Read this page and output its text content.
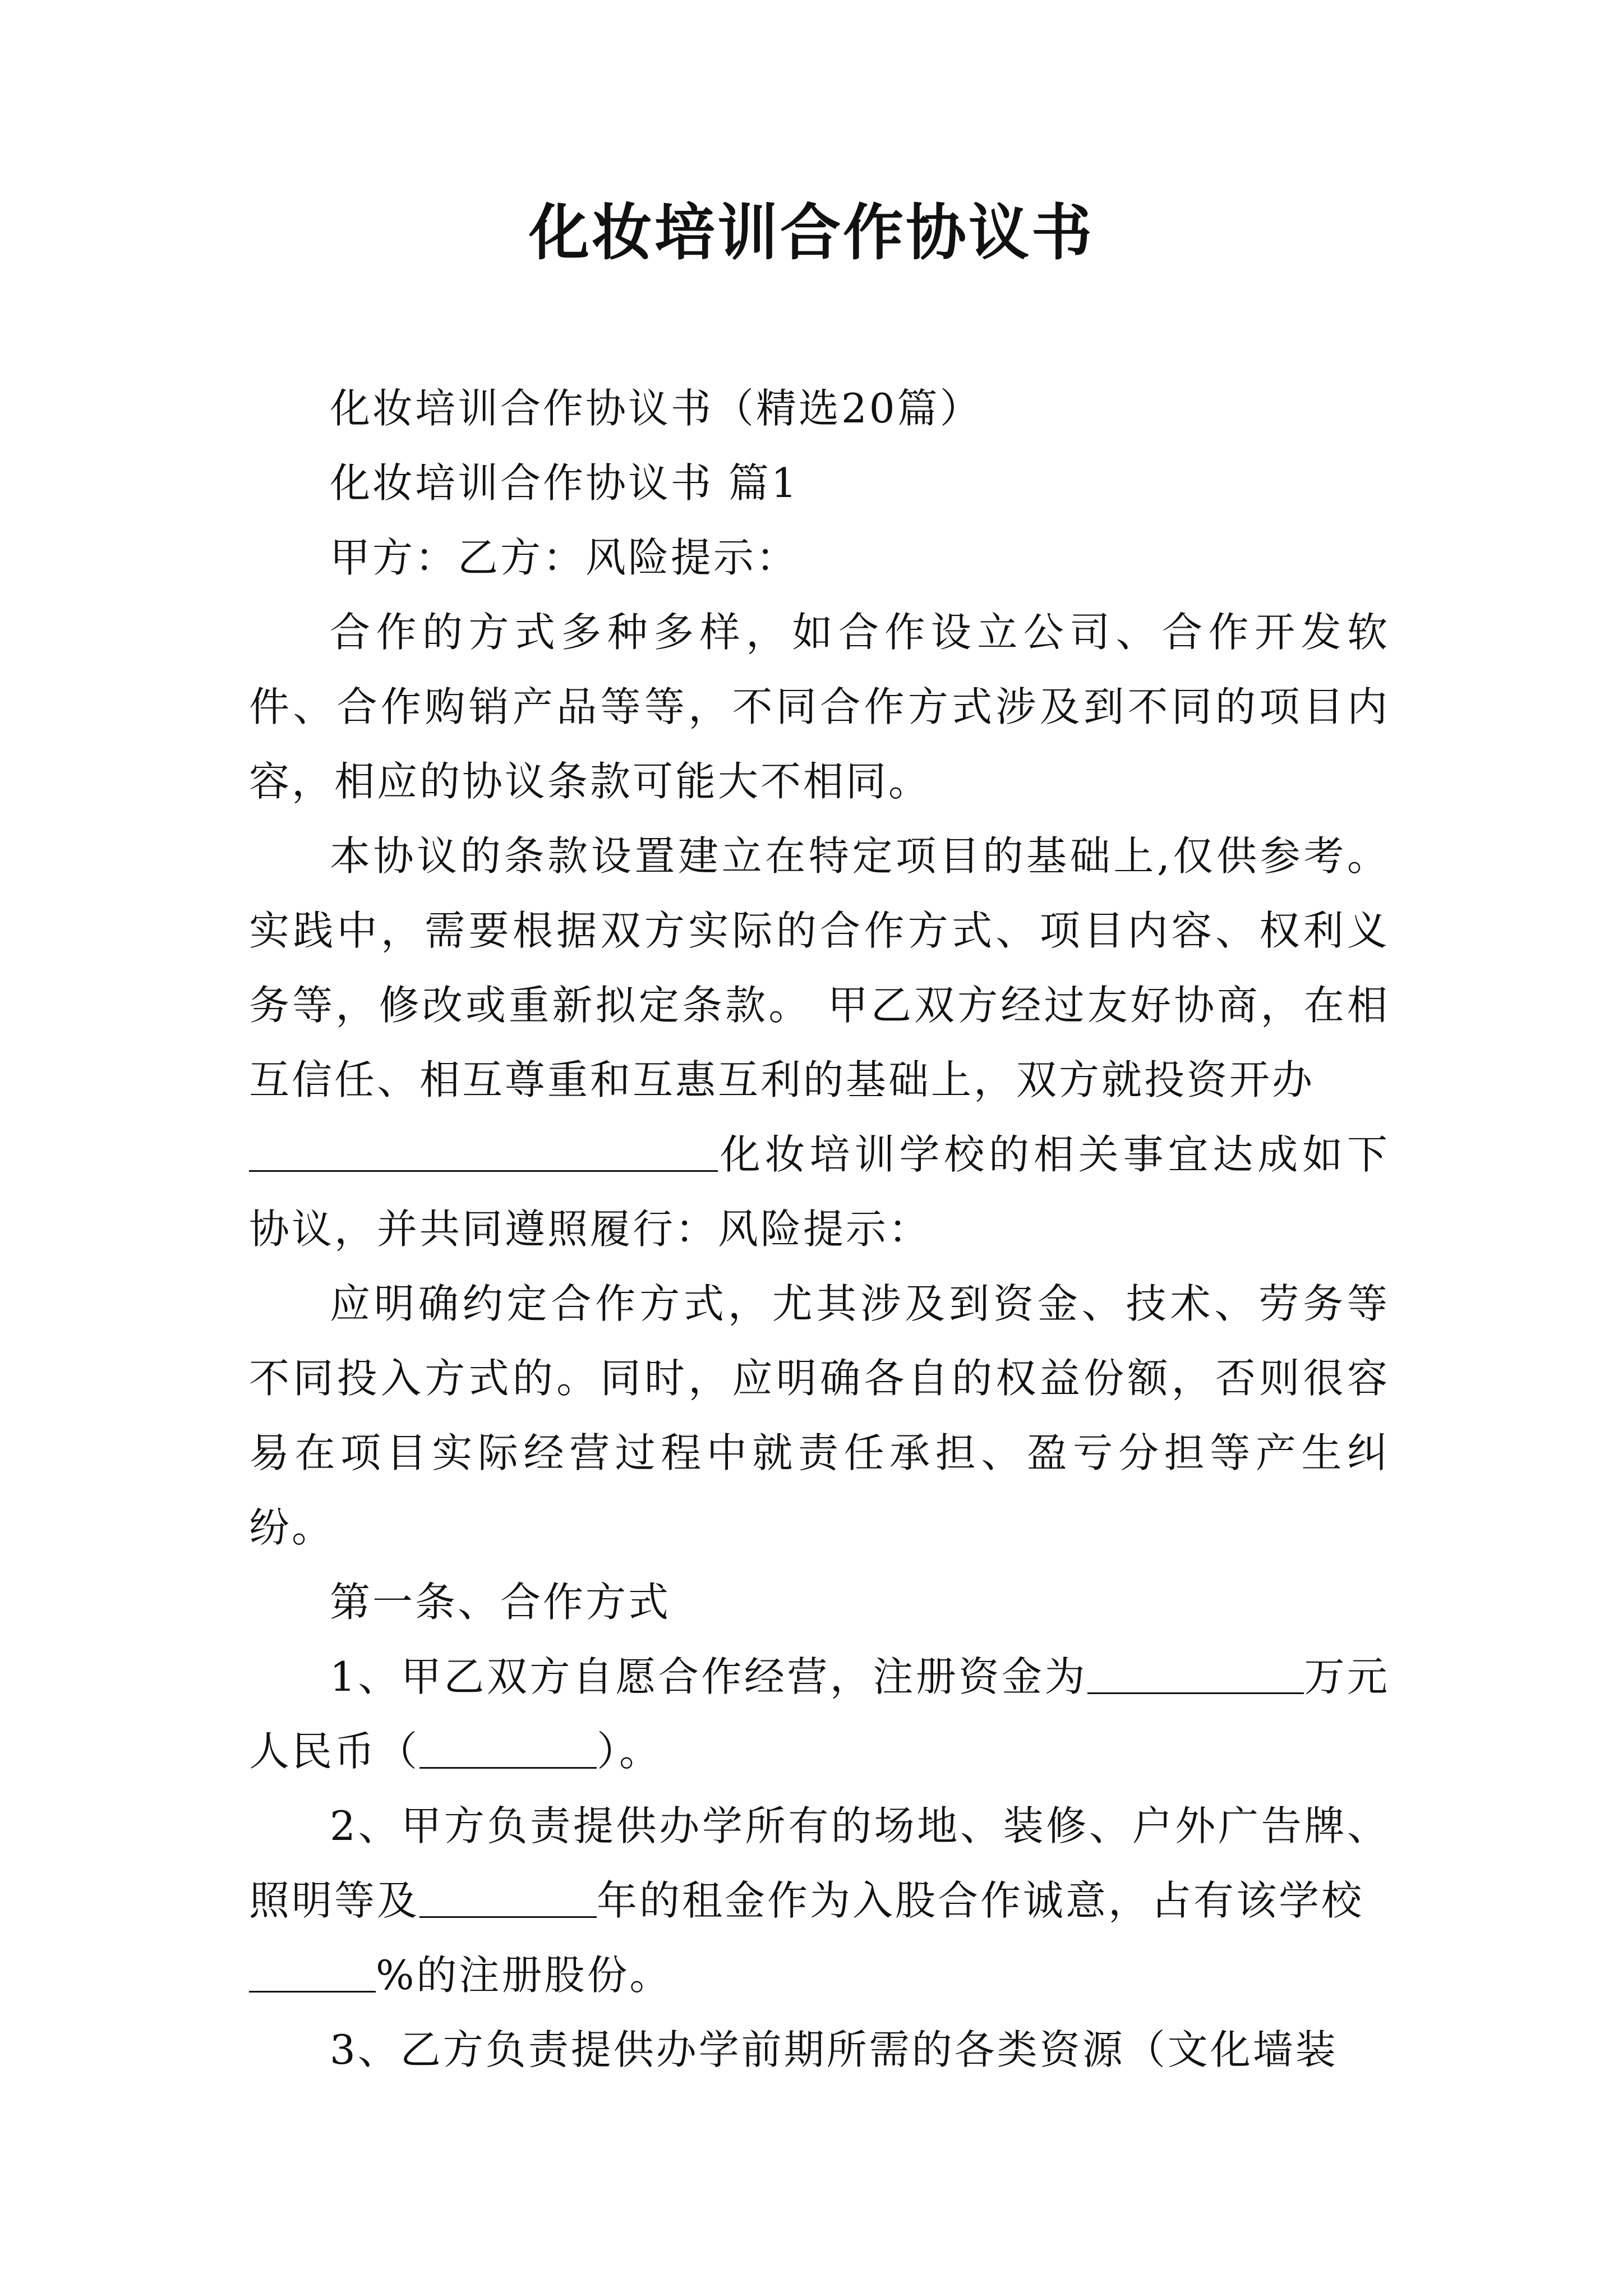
化妆培训合作协议书

化妆培训合作协议书（精选20篇）

化妆培训合作协议书 篇1

甲方：乙方：风险提示：

合作的方式多种多样，如合作设立公司、合作开发软件、合作购销产品等等，不同合作方式涉及到不同的项目内容，相应的协议条款可能大不相同。

本协议的条款设置建立在特定项目的基础上,仅供参考。实践中，需要根据双方实际的合作方式、项目内容、权利义务等，修改或重新拟定条款。 甲乙双方经过友好协商，在相互信任、相互尊重和互惠互利的基础上，双方就投资开办
化妆培训学校的相关事宜达成如下协议，并共同遵照履行：风险提示：

应明确约定合作方式，尤其涉及到资金、技术、劳务等不同投入方式的。同时，应明确各自的权益份额，否则很容易在项目实际经营过程中就责任承担、盈亏分担等产生纠纷。

第一条、合作方式

1、甲乙双方自愿合作经营，注册资金为	万元人民币（	）。

2、甲方负责提供办学所有的场地、装修、户外广告牌、照明等及	年的租金作为入股合作诚意，占有该学校
%的注册股份。

3、乙方负责提供办学前期所需的各类资源（文化墙装
